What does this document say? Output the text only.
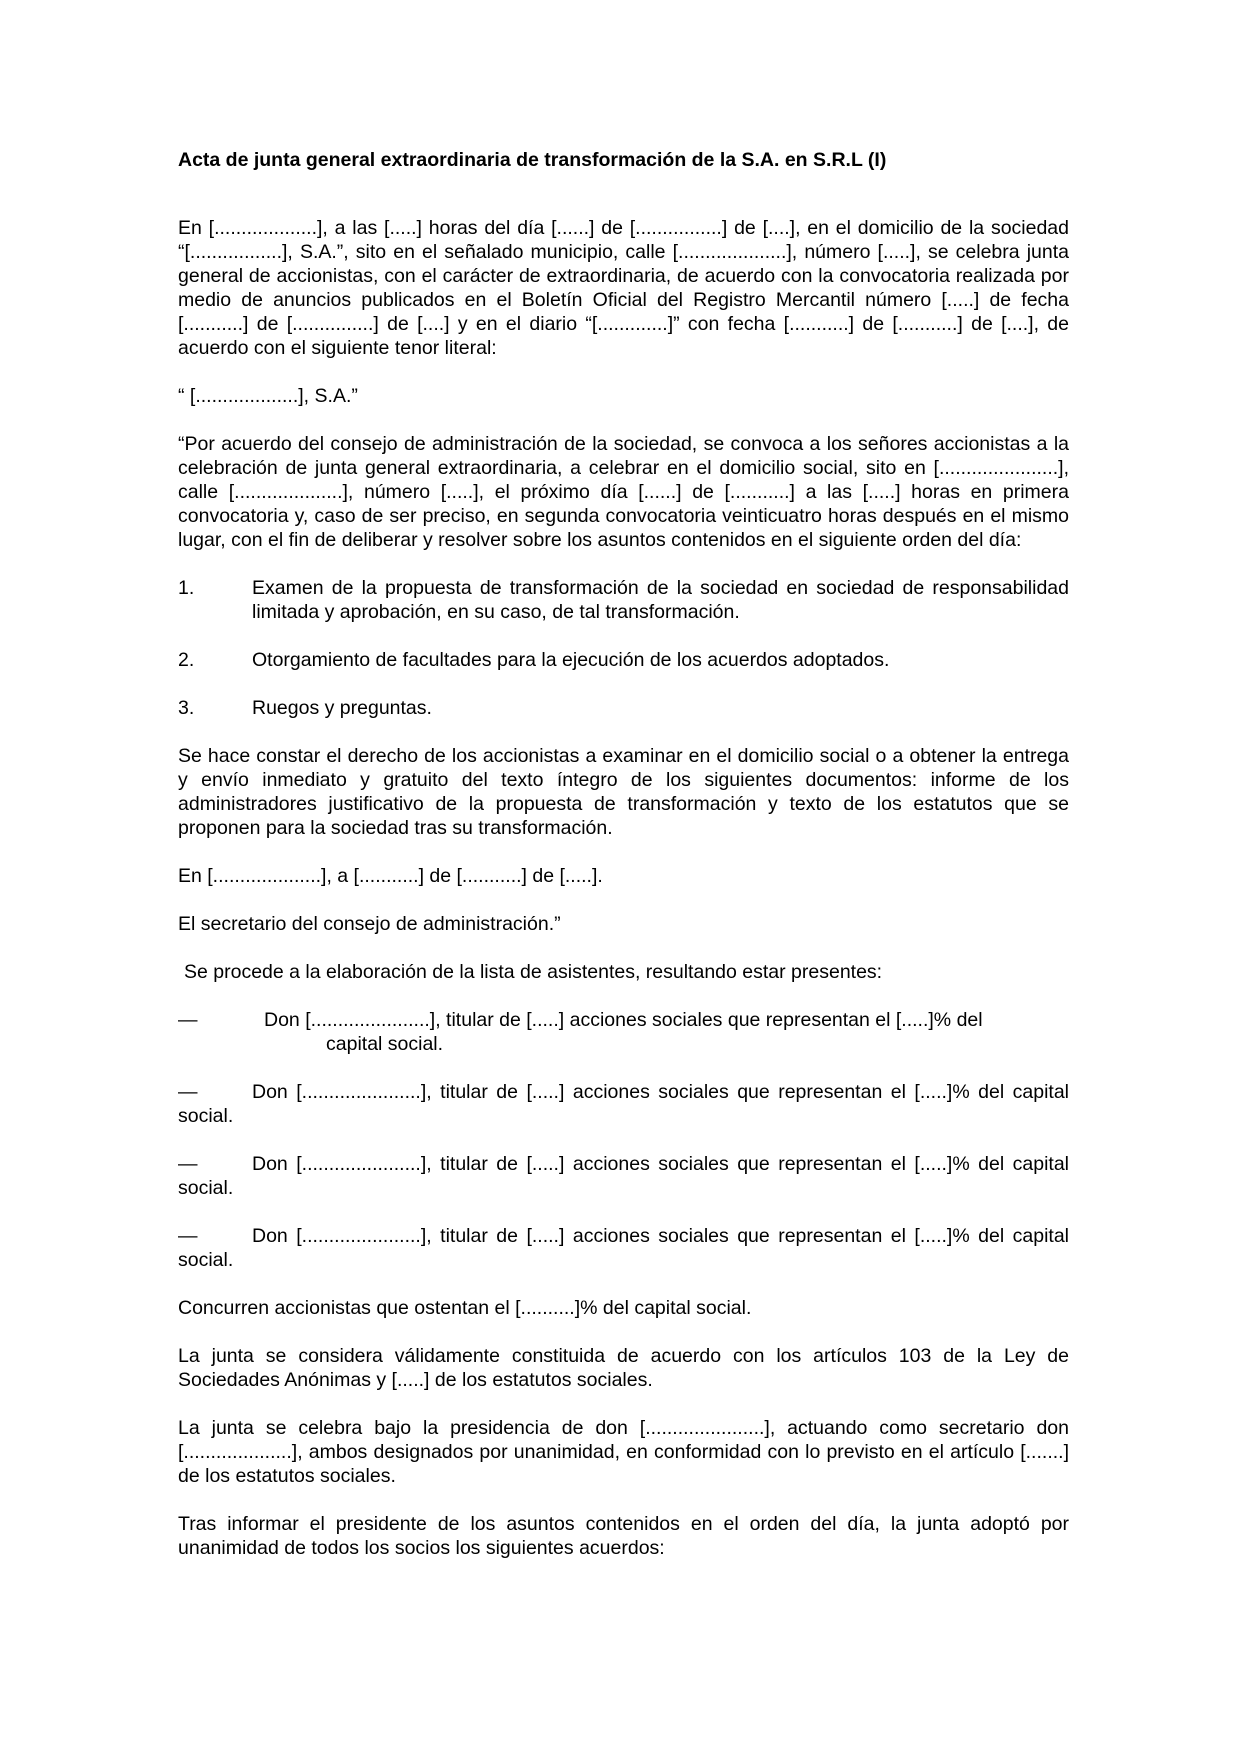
Acta de junta general extraordinaria de transformación de la S.A. en S.R.L (I)

En [...................], a las [.....] horas del día [......] de [................] de [....], en el domicilio de la sociedad “[.................], S.A.”, sito en el señalado municipio, calle [....................], número [.....], se celebra junta general de accionistas, con el carácter de extraordinaria, de acuerdo con la convocatoria realizada por medio de anuncios publicados en el Boletín Oficial del Registro Mercantil número [.....] de fecha [...........] de [...............] de [....] y en el diario “[.............]” con fecha [...........] de [...........] de [....], de acuerdo con el siguiente tenor literal:

“ [...................], S.A.”

“Por acuerdo del consejo de administración de la sociedad, se convoca a los señores accionistas a la celebración de junta general extraordinaria, a celebrar en el domicilio social, sito en [......................], calle [....................], número [.....], el próximo día [......] de [...........] a las [.....] horas en primera convocatoria y, caso de ser preciso, en segunda convocatoria veinticuatro horas después en el mismo lugar, con el fin de deliberar y resolver sobre los asuntos contenidos en el siguiente orden del día:

1.	Examen de la propuesta de transformación de la sociedad en sociedad de responsabilidad limitada y aprobación, en su caso, de tal transformación.
2.	Otorgamiento de facultades para la ejecución de los acuerdos adoptados.
3.	Ruegos y preguntas.

Se hace constar el derecho de los accionistas a examinar en el domicilio social o a obtener la entrega y envío inmediato y gratuito del texto íntegro de los siguientes documentos: informe de los administradores justificativo de la propuesta de transformación y texto de los estatutos que se proponen para la sociedad tras su transformación.

En [....................], a [...........] de [...........] de [.....].

El secretario del consejo de administración.”

Se procede a la elaboración de la lista de asistentes, resultando estar presentes:

—	Don [......................], titular de [.....] acciones sociales que representan el [.....]% del
capital social.

—	Don [......................], titular de [.....] acciones sociales que representan el [.....]% del capital social.

—	Don [......................], titular de [.....] acciones sociales que representan el [.....]% del capital social.

—	Don [......................], titular de [.....] acciones sociales que representan el [.....]% del capital social.

Concurren accionistas que ostentan el [..........]% del capital social.

La junta se considera válidamente constituida de acuerdo con los artículos 103 de la Ley de Sociedades Anónimas y [.....] de los estatutos sociales.

La junta se celebra bajo la presidencia de don [......................], actuando como secretario don [....................], ambos designados por unanimidad, en conformidad con lo previsto en el artículo [.......] de los estatutos sociales.

Tras informar el presidente de los asuntos contenidos en el orden del día, la junta adoptó por unanimidad de todos los socios los siguientes acuerdos:
